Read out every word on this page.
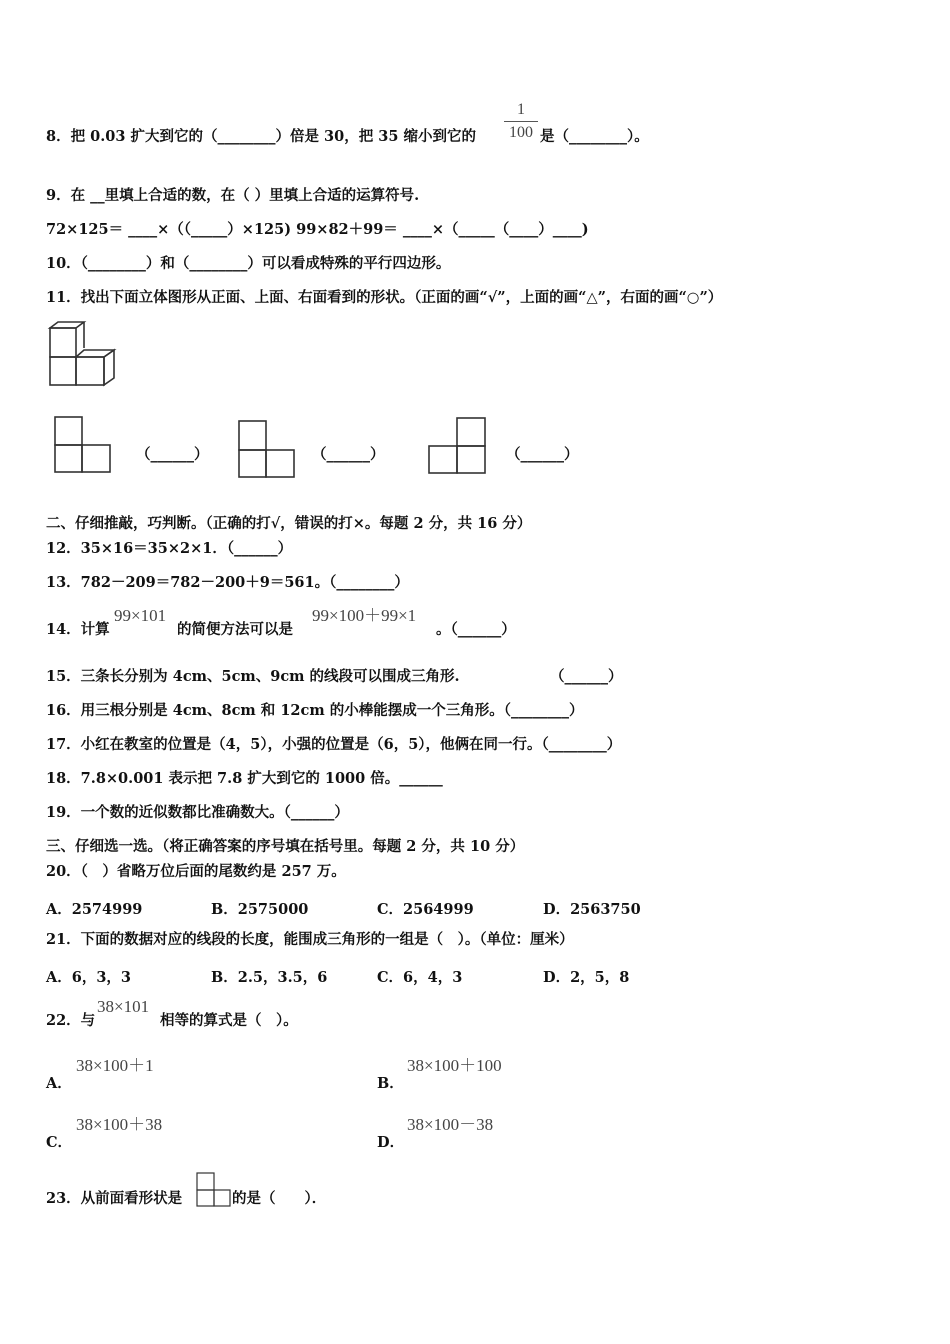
8．把 0.03 扩大到它的（________）倍是 30，把 35 缩小到它的
1
100 是（________）。
9．在 __里填上合适的数，在（ ）里填上合适的运算符号.
72×125＝ ____×（（_____）×125) 99×82＋99＝ ____×（_____（____）____)
10．（________）和（________）可以看成特殊的平行四边形。
11．找出下面立体图形从正面、上面、右面看到的形状。（正面的画“√”，上面的画“△”，右面的画“○”）
（______）	（______）	（______）
二、仔细推敲，巧判断。（正确的打√，错误的打×。每题 2 分，共 16 分）
12．35×16＝35×2×1．（______）
13．782－209＝782－200＋9＝561。（________）
14．计算
99×101
的简便方法可以是
99×100＋99×1
。（______）
15．三条长分别为 4cm、5cm、9cm 的线段可以围成三角形.	（______）
16．用三根分别是 4cm、8cm 和 12cm 的小棒能摆成一个三角形。（________）
17．小红在教室的位置是（4，5），小强的位置是（6，5），他俩在同一行。（________）
18．7.8×0.001 表示把 7.8 扩大到它的 1000 倍。______
19．一个数的近似数都比准确数大。（______）
三、仔细选一选。（将正确答案的序号填在括号里。每题 2 分，共 10 分）
20．（　）省略万位后面的尾数约是 257 万。
A．2574999	B．2575000	C．2564999	D．2563750
21．下面的数据对应的线段的长度，能围成三角形的一组是（　）。（单位：厘米）
A．6，3，3	B．2.5，3.5，6	C．6，4，3	D．2，5，8
22．与
38×101
相等的算式是（　）。
A．
38×100＋1
B．
38×100＋100
C．
38×100＋38
D．
38×100－38
23．从前面看形状是	的是（　　）．
